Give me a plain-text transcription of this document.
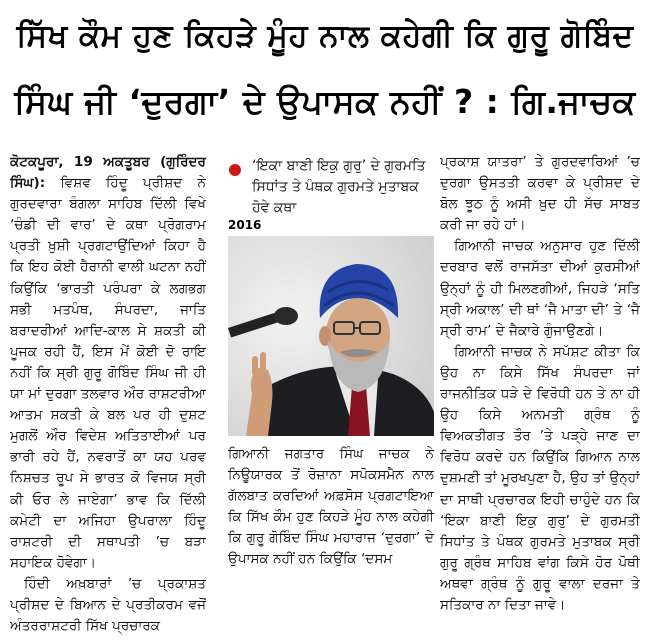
ਸਿੱਖ ਕੌਮ ਹੁਣ ਕਿਹੜੇ ਮੂੰਹ ਨਾਲ ਕਹੇਗੀ ਕਿ ਗੁਰੂ ਗੋਬਿੰਦ
ਸਿੰਘ ਜੀ ‘ਦੁਰਗਾ’ ਦੇ ਉਪਾਸਕ ਨਹੀਂ ? : ਗਿ.ਜਾਚਕ

ਕੋਟਕਪੂਰਾ, 19 ਅਕਤੂਬਰ (ਗੁਰਿੰਦਰ ਸਿੰਘ): ਵਿਸ਼ਵ ਹਿੰਦੂ ਪ੍ਰੀਸ਼ਦ ਨੇ ਗੁਰਦਵਾਰਾ ਬੰਗਲਾ ਸਾਹਿਬ ਦਿੱਲੀ ਵਿਖੇ ‘ਚੰਡੀ ਦੀ ਵਾਰ’ ਦੇ ਕਥਾ ਪ੍ਰੋਗਰਾਮ ਪ੍ਰਤੀ ਖ਼ੁਸ਼ੀ ਪ੍ਰਗਟਾਉਂਦਿਆਂ ਕਿਹਾ ਹੈ ਕਿ ਇਹ ਕੋਈ ਹੈਰਾਨੀ ਵਾਲੀ ਘਟਨਾ ਨਹੀਂ ਕਿਉਂਕਿ ‘ਭਾਰਤੀ ਪਰੰਪਰਾ ਕੇ ਲਗਭਗ ਸਭੀ ਮਤਪੰਥ, ਸੰਪਰਦਾ, ਜਾਤਿ ਬਰਾਦਰੀਆਂ ਆਦਿ-ਕਾਲ ਸੇ ਸ਼ਕਤੀ ਕੀ ਪੂਜਕ ਰਹੀ ਹੈਂ, ਇਸ ਮੇਂ ਕੋਈ ਦੋ ਰਾਇ ਨਹੀਂ ਕਿ ਸ੍ਰੀ ਗੁਰੂ ਗੋਬਿੰਦ ਸਿੰਘ ਜੀ ਹੀ ਯਾ ਮਾਂ ਦੁਰਗਾ ਤਲਵਾਰ ਔਰ ਰਾਸ਼ਟਰੀਆ ਆਤਮ ਸ਼ਕਤੀ ਕੇ ਬਲ ਪਰ ਹੀ ਦੁਸ਼ਟ ਮੁਗਲੋਂ ਔਰ ਵਿਦੇਸ਼ ਅਤਿਤਾਈਆਂ ਪਰ ਭਾਰੀ ਰਹੇ ਹੈਂ, ਨਵਰਾਤੋਂ ਕਾ ਯਹ ਪਰਵ ਨਿਸ਼ਚਤ ਰੂਪ ਸੇ ਭਾਰਤ ਕੋ ਵਿਜਯ ਸ੍ਰੀ ਕੀ ਓਰ ਲੇ ਜਾਏਗਾ’ ਭਾਵ ਕਿ ਦਿੱਲੀ ਕਮੇਟੀ ਦਾ ਅਜਿਹਾ ਉਪਰਾਲਾ ਹਿੰਦੂ ਰਾਸ਼ਟਰੀ ਦੀ ਸਥਾਪਤੀ ’ਚ ਬੜਾ ਸਹਾਇਕ ਹੋਵੇਗਾ।

ਹਿੰਦੀ ਅਖ਼ਬਾਰਾਂ ’ਚ ਪ੍ਰਕਾਸ਼ਤ ਪ੍ਰੀਸ਼ਦ ਦੇ ਬਿਆਨ ਦੇ ਪ੍ਰਤੀਕਰਮ ਵਜੋਂ ਅੰਤਰਰਾਸ਼ਟਰੀ ਸਿੱਖ ਪ੍ਰਚਾਰਕ

‘ਇਕਾ ਬਾਣੀ ਇਕੁ ਗੁਰੁ’ ਦੇ ਗੁਰਮਤਿ ਸਿਧਾਂਤ ਤੇ ਪੰਥਕ ਗੁਰਮਤੇ ਮੁਤਾਬਕ ਹੋਵੇ ਕਥਾ
2016
ਗਿਆਨੀ ਜਗਤਾਰ ਸਿੰਘ ਜਾਚਕ ਨੇ ਨਿਊਯਾਰਕ ਤੋਂ ਰੋਜ਼ਾਨਾ ਸਪੋਕਸਮੈਨ ਨਾਲ ਗੱਲਬਾਤ ਕਰਦਿਆਂ ਅਫ਼ਸੋਸ ਪ੍ਰਗਟਾਇਆ ਕਿ ਸਿੱਖ ਕੌਮ ਹੁਣ ਕਿਹੜੇ ਮੂੰਹ ਨਾਲ ਕਹੇਗੀ ਕਿ ਗੁਰੂ ਗੋਬਿੰਦ ਸਿੰਘ ਮਹਾਰਾਜ ‘ਦੁਰਗਾ’ ਦੇ ਉਪਾਸਕ ਨਹੀਂ ਹਨ ਕਿਉਂਕਿ ‘ਦਸਮ

ਪ੍ਰਕਾਸ਼ ਯਾਤਰਾ’ ਤੇ ਗੁਰਦਵਾਰਿਆਂ ’ਚ ਦੁਰਗਾ ਉਸਤਤੀ ਕਰਵਾ ਕੇ ਪ੍ਰੀਸ਼ਦ ਦੇ ਬੋਲ ਝੂਠ ਨੂੰ ਅਸੀ ਖ਼ੁਦ ਹੀ ਸੱਚ ਸਾਬਤ ਕਰੀ ਜਾ ਰਹੇ ਹਾਂ।

ਗਿਆਨੀ ਜਾਚਕ ਅਨੁਸਾਰ ਹੁਣ ਦਿੱਲੀ ਦਰਬਾਰ ਵਲੋਂ ਰਾਜਸੱਤਾ ਦੀਆਂ ਕੁਰਸੀਆਂ ਉਨ੍ਹਾਂ ਨੂੰ ਹੀ ਮਿਲਣਗੀਆਂ, ਜਿਹੜੇ ‘ਸਤਿ ਸ੍ਰੀ ਅਕਾਲ’ ਦੀ ਥਾਂ ‘ਜੈ ਮਾਤਾ ਦੀ’ ਤੇ ‘ਜੈ ਸ੍ਰੀ ਰਾਮ’ ਦੇ ਜੈਕਾਰੇ ਗੁੰਜਾਉਣਗੇ।

ਗਿਆਨੀ ਜਾਚਕ ਨੇ ਸਪੱਸ਼ਟ ਕੀਤਾ ਕਿ ਉਹ ਨਾ ਕਿਸੇ ਸਿੱਖ ਸੰਪਰਦਾ ਜਾਂ ਰਾਜਨੀਤਿਕ ਧੜੇ ਦੇ ਵਿਰੋਧੀ ਹਨ ਤੇ ਨਾ ਹੀ ਉਹ ਕਿਸੇ ਅਨਮਤੀ ਗ੍ਰੰਥ ਨੂੰ ਵਿਅਕਤੀਗਤ ਤੌਰ ’ਤੇ ਪੜ੍ਹੇ ਜਾਣ ਦਾ ਵਿਰੋਧ ਕਰਦੇ ਹਨ ਕਿਉਂਕਿ ਗਿਆਨ ਨਾਲ ਦੁਸ਼ਮਣੀ ਤਾਂ ਮੂਰਖਪੁਣਾ ਹੈ, ਉਹ ਤਾਂ ਉਨ੍ਹਾਂ ਦਾ ਸਾਥੀ ਪ੍ਰਚਾਰਕ ਇਹੀ ਚਾਹੁੰਦੇ ਹਨ ਕਿ ‘ਇਕਾ ਬਾਣੀ ਇਕੁ ਗੁਰੁ’ ਦੇ ਗੁਰਮਤੀ ਸਿਧਾਂਤ ਤੇ ਪੰਥਕ ਗੁਰਮਤੇ ਮੁਤਾਬਕ ਸ੍ਰੀ ਗੁਰੂ ਗ੍ਰੰਥ ਸਾਹਿਬ ਵਾਂਗ ਕਿਸੇ ਹੋਰ ਪੋਥੀ ਅਥਵਾ ਗ੍ਰੰਥ ਨੂੰ ਗੁਰੂ ਵਾਲਾ ਦਰਜਾ ਤੇ ਸਤਿਕਾਰ ਨਾ ਦਿਤਾ ਜਾਵੇ।
